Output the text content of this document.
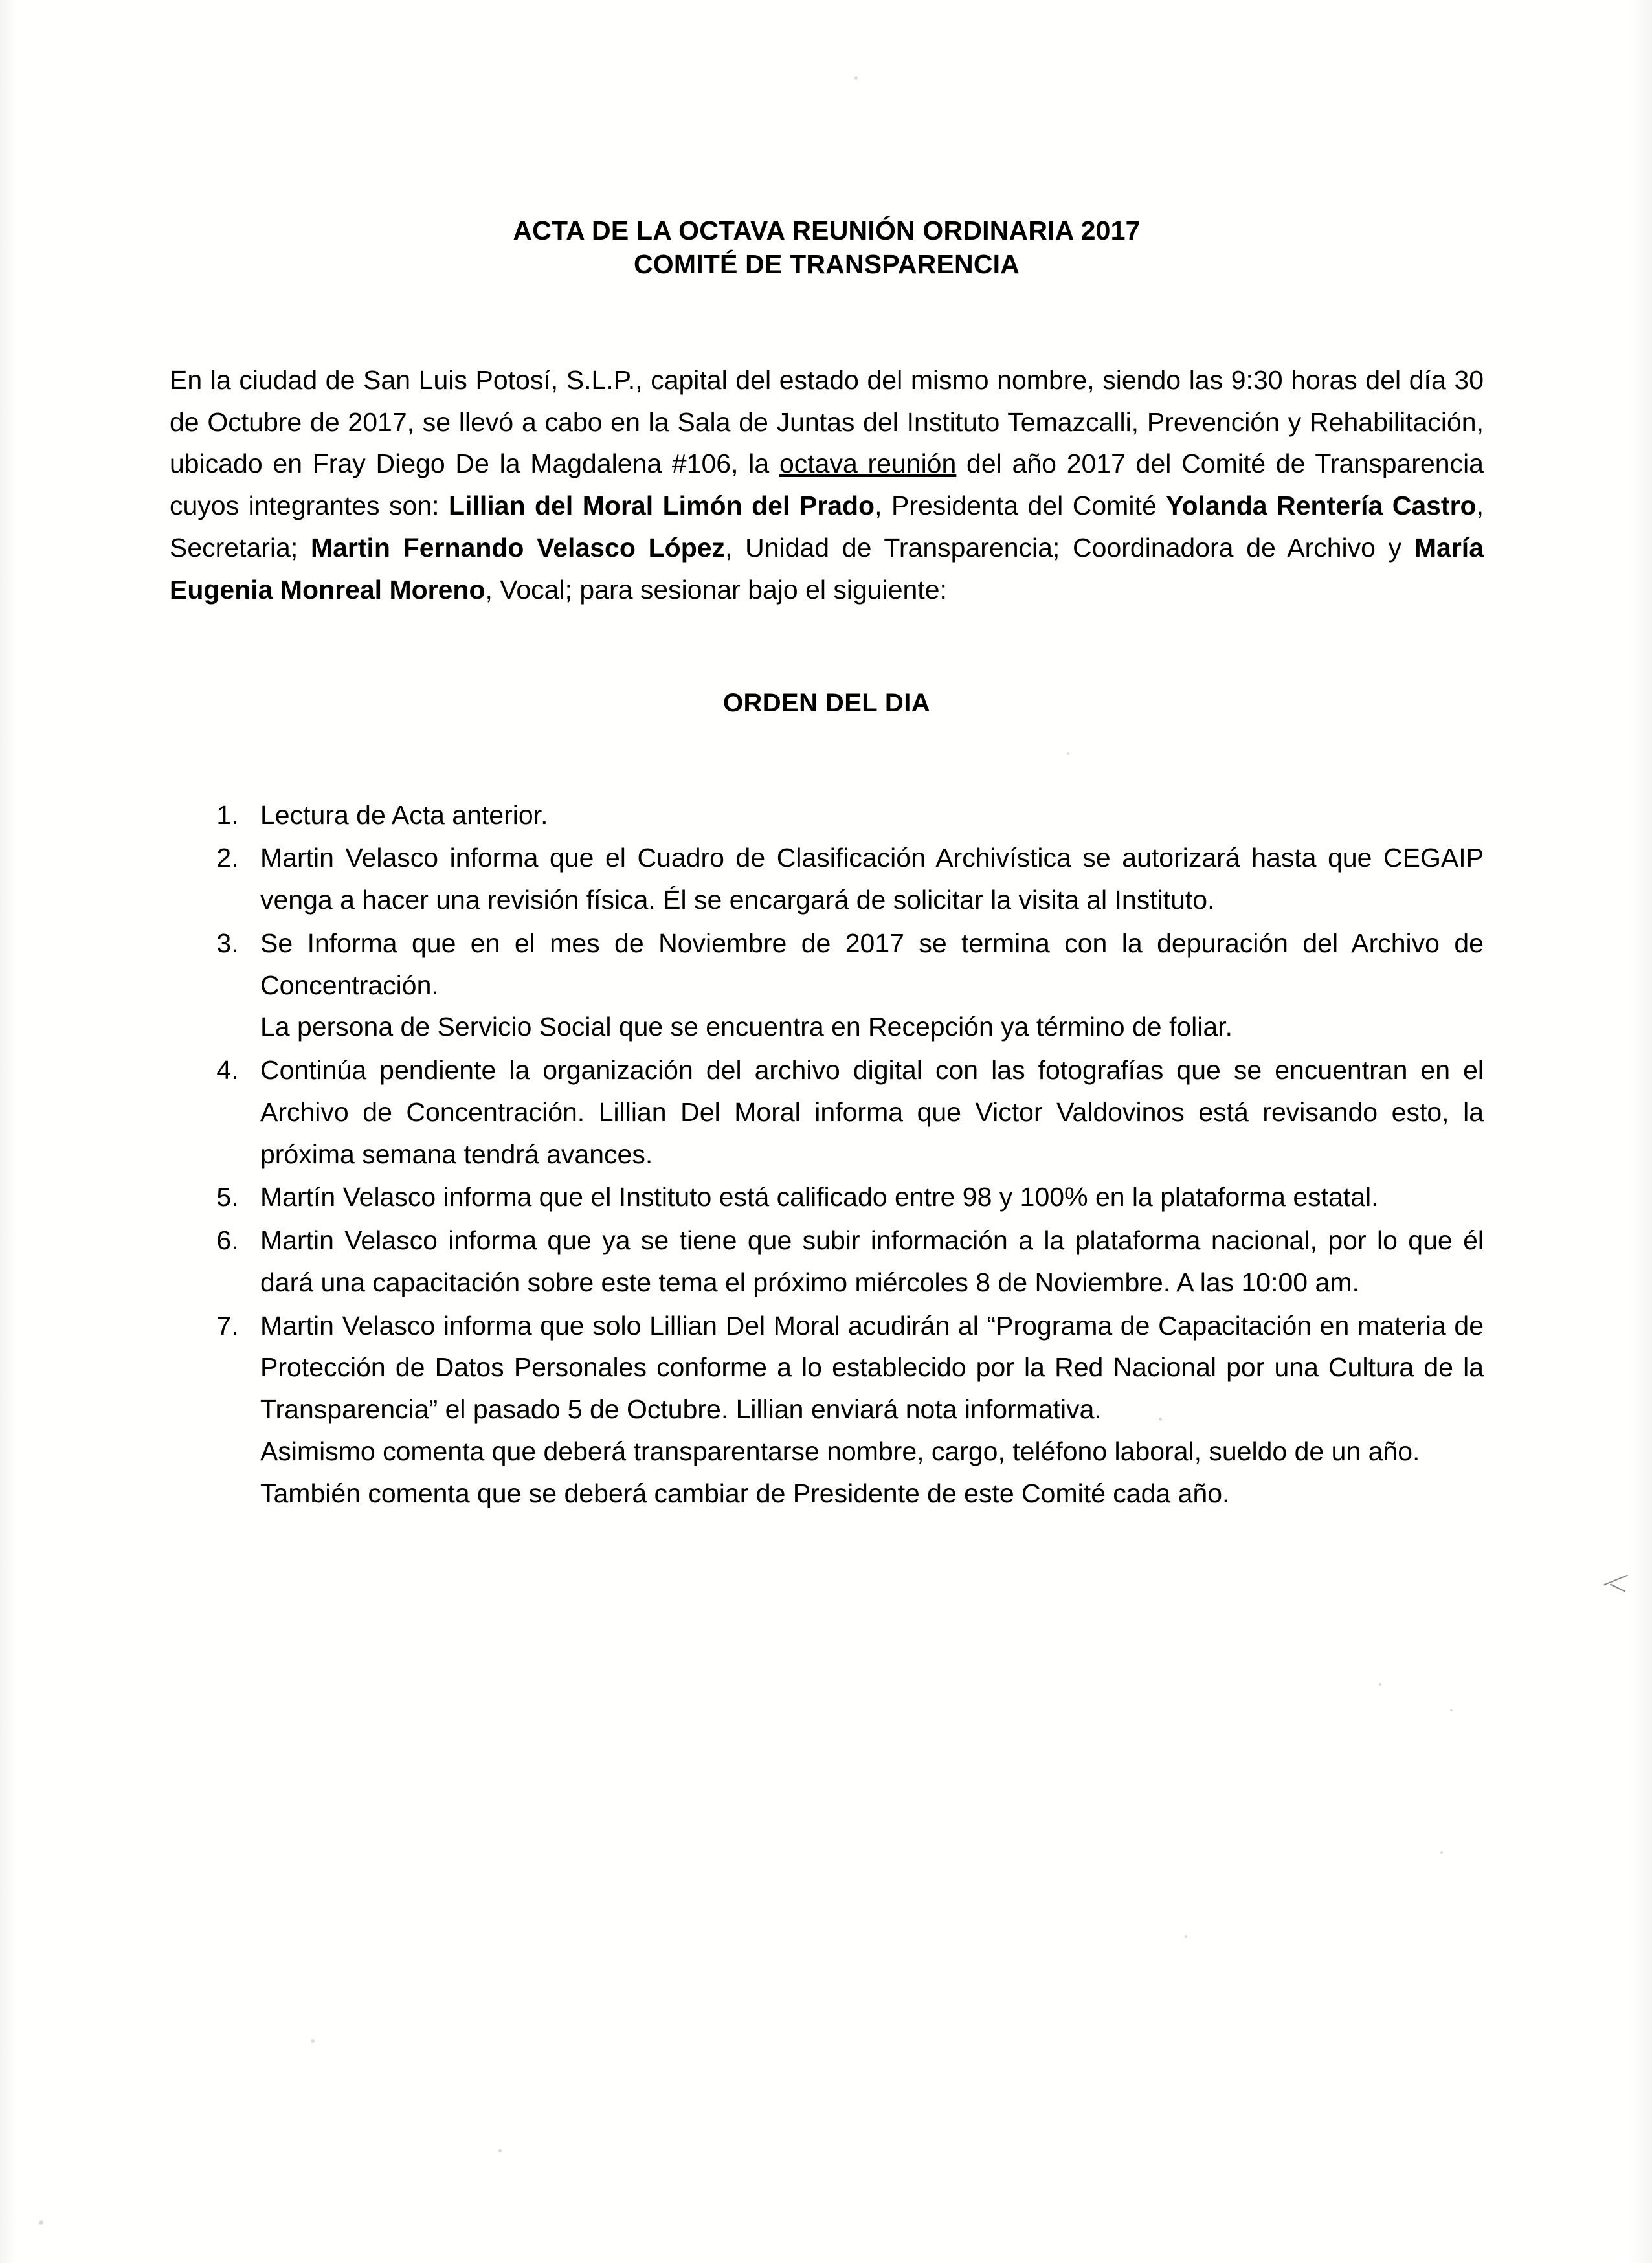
ACTA DE LA OCTAVA REUNIÓN ORDINARIA 2017
COMITÉ DE TRANSPARENCIA

En la ciudad de San Luis Potosí, S.L.P., capital del estado del mismo nombre, siendo las 9:30 horas del día 30 de Octubre de 2017, se llevó a cabo en la Sala de Juntas del Instituto Temazcalli, Prevención y Rehabilitación, ubicado en Fray Diego De la Magdalena #106, la octava reunión del año 2017 del Comité de Transparencia cuyos integrantes son: Lillian del Moral Limón del Prado, Presidenta del Comité Yolanda Rentería Castro, Secretaria; Martin Fernando Velasco López, Unidad de Transparencia; Coordinadora de Archivo y María Eugenia Monreal Moreno, Vocal; para sesionar bajo el siguiente:

ORDEN DEL DIA
1. Lectura de Acta anterior.
2. Martin Velasco informa que el Cuadro de Clasificación Archivística se autorizará hasta que CEGAIP venga a hacer una revisión física. Él se encargará de solicitar la visita al Instituto.
3. Se Informa que en el mes de Noviembre de 2017 se termina con la depuración del Archivo de Concentración.
La persona de Servicio Social que se encuentra en Recepción ya término de foliar.
4. Continúa pendiente la organización del archivo digital con las fotografías que se encuentran en el Archivo de Concentración. Lillian Del Moral informa que Victor Valdovinos está revisando esto, la próxima semana tendrá avances.
5. Martín Velasco informa que el Instituto está calificado entre 98 y 100% en la plataforma estatal.
6. Martin Velasco informa que ya se tiene que subir información a la plataforma nacional, por lo que él dará una capacitación sobre este tema el próximo miércoles 8 de Noviembre. A las 10:00 am.
7. Martin Velasco informa que solo Lillian Del Moral acudirán al “Programa de Capacitación en materia de Protección de Datos Personales conforme a lo establecido por la Red Nacional por una Cultura de la Transparencia” el pasado 5 de Octubre. Lillian enviará nota informativa.
Asimismo comenta que deberá transparentarse nombre, cargo, teléfono laboral, sueldo de un año.
También comenta que se deberá cambiar de Presidente de este Comité cada año.
